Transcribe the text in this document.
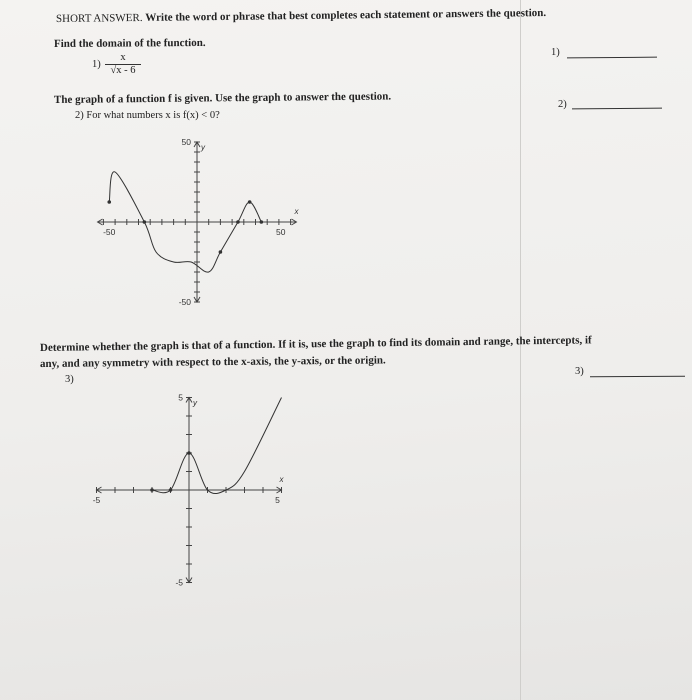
SHORT ANSWER. Write the word or phrase that best completes each statement or answers the question.
Find the domain of the function.
1)
x
√x - 6
1)
The graph of a function f is given. Use the graph to answer the question.
2) For what numbers x is f(x) < 0?
2)
-50	50
50
-50
x
y
Determine whether the graph is that of a function. If it is, use the graph to find its domain and range, the intercepts, if
any, and any symmetry with respect to the x-axis, the y-axis, or the origin.
3)
3)
-5	5
5
-5
x
y
